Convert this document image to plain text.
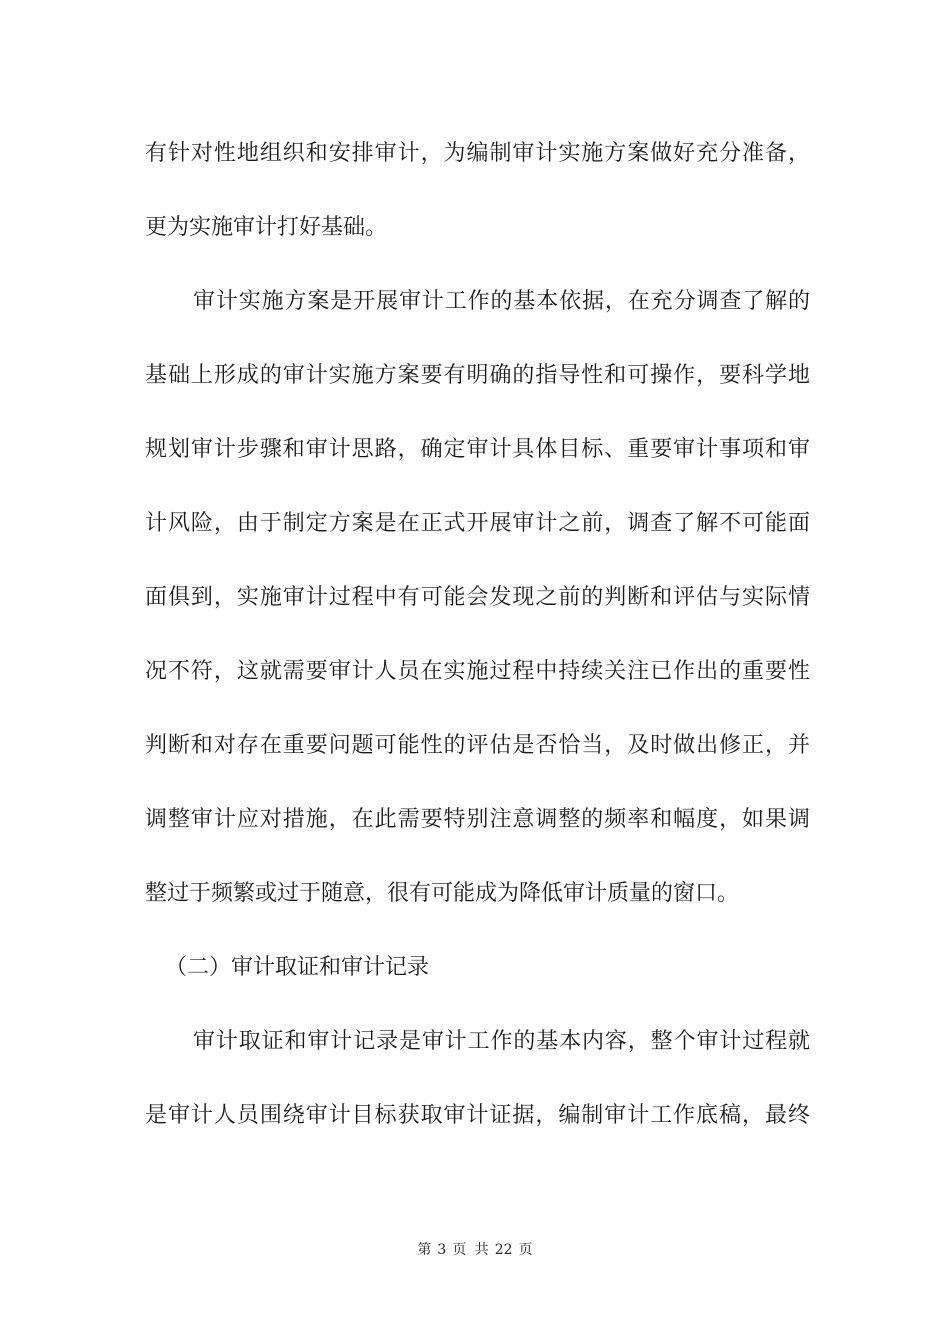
有针对性地组织和安排审计，为编制审计实施方案做好充分准备，
更为实施审计打好基础。
审计实施方案是开展审计工作的基本依据，在充分调查了解的
基础上形成的审计实施方案要有明确的指导性和可操作，要科学地
规划审计步骤和审计思路，确定审计具体目标、重要审计事项和审
计风险，由于制定方案是在正式开展审计之前，调查了解不可能面
面俱到，实施审计过程中有可能会发现之前的判断和评估与实际情
况不符，这就需要审计人员在实施过程中持续关注已作出的重要性
判断和对存在重要问题可能性的评估是否恰当，及时做出修正，并
调整审计应对措施，在此需要特别注意调整的频率和幅度，如果调
整过于频繁或过于随意，很有可能成为降低审计质量的窗口。
（二）审计取证和审计记录
审计取证和审计记录是审计工作的基本内容，整个审计过程就
是审计人员围绕审计目标获取审计证据，编制审计工作底稿，最终
第 3 页 共 22 页
